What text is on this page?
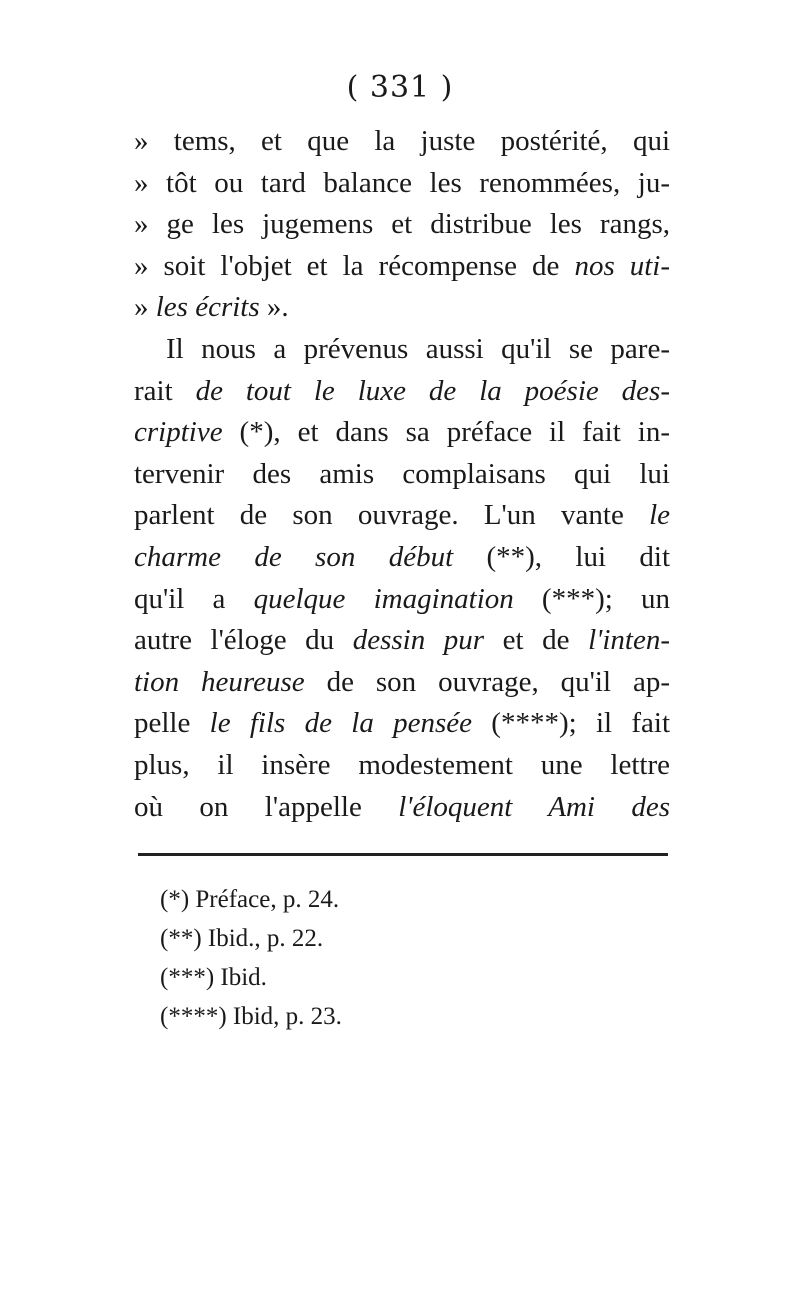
( 331 )
» tems, et que la juste postérité, qui
» tôt ou tard balance les renommées, ju-
» ge les jugemens et distribue les rangs,
» soit l'objet et la récompense de nos uti-
» les écrits ».
Il nous a prévenus aussi qu'il se pare-
rait de tout le luxe de la poésie des-
criptive (*), et dans sa préface il fait in-
tervenir des amis complaisans qui lui
parlent de son ouvrage. L'un vante le
charme de son début (**), lui dit
qu'il a quelque imagination (***); un
autre l'éloge du dessin pur et de l'inten-
tion heureuse de son ouvrage, qu'il ap-
pelle le fils de la pensée (****); il fait
plus, il insère modestement une lettre
où on l'appelle l'éloquent Ami des
(*) Préface, p. 24.
(**) Ibid., p. 22.
(***) Ibid.
(****) Ibid, p. 23.
